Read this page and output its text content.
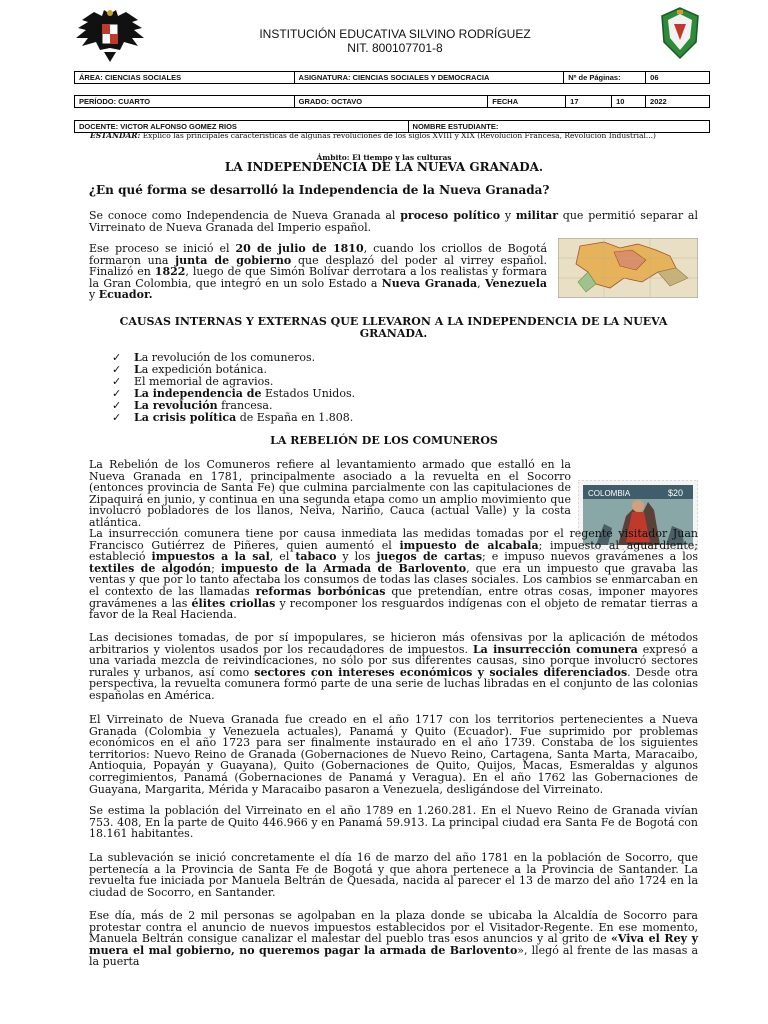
INSTITUCIÓN EDUCATIVA SILVINO RODRÍGUEZ
NIT. 800107701-8
ÁREA: CIENCIAS SOCIALES	ASIGNATURA: CIENCIAS SOCIALES Y DEMOCRACIA	Nº de Páginas:	06
PERÍODO: CUARTO	GRADO: OCTAVO	FECHA	17	10	2022
DOCENTE: VICTOR ALFONSO GOMEZ RIOS	NOMBRE ESTUDIANTE:
ESTANDAR: Explico las principales características de algunas revoluciones de los siglos XVIII y XIX (Revolución Francesa, Revolución Industrial...)
Ámbito: El tiempo y las culturas
LA INDEPENDENCIA DE LA NUEVA GRANADA.
¿En qué forma se desarrolló la Independencia de la Nueva Granada?
Se conoce como Independencia de Nueva Granada al proceso político y militar que permitió separar al Virreinato de Nueva Granada del Imperio español.
Ese proceso se inició el 20 de julio de 1810, cuando los criollos de Bogotá formaron una junta de gobierno que desplazó del poder al virrey español. Finalizó en 1822, luego de que Simón Bolívar derrotara a los realistas y formara la Gran Colombia, que integró en un solo Estado a Nueva Granada, Venezuela y Ecuador.
CAUSAS INTERNAS Y EXTERNAS QUE LLEVARON A LA INDEPENDENCIA DE LA NUEVA GRANADA.
✓ La revolución de los comuneros.
✓ La expedición botánica.
✓ El memorial de agravios.
✓ La independencia de Estados Unidos.
✓ La revolución francesa.
✓ La crisis política de España en 1.808.
LA REBELIÓN DE LOS COMUNEROS
La Rebelión de los Comuneros refiere al levantamiento armado que estalló en la Nueva Granada en 1781, principalmente asociado a la revuelta en el Socorro (entonces provincia de Santa Fe) que culmina parcialmente con las capitulaciones de Zipaquirá en junio, y continua en una segunda etapa como un amplio movimiento que involucró pobladores de los llanos, Neiva, Nariño, Cauca (actual Valle) y la costa atlántica.
COLOMBIA	$20
La insurrección comunera tiene por causa inmediata las medidas tomadas por el regente visitador Juan Francisco Gutiérrez de Piñeres, quien aumentó el impuesto de alcabala; impuesto al aguardiente; estableció impuestos a la sal, el tabaco y los juegos de cartas; e impuso nuevos gravámenes a los textiles de algodón; impuesto de la Armada de Barlovento, que era un impuesto que gravaba las ventas y que por lo tanto afectaba los consumos de todas las clases sociales. Los cambios se enmarcaban en el contexto de las llamadas reformas borbónicas que pretendían, entre otras cosas, imponer mayores gravámenes a las élites criollas y recomponer los resguardos indígenas con el objeto de rematar tierras a favor de la Real Hacienda.
Las decisiones tomadas, de por sí impopulares, se hicieron más ofensivas por la aplicación de métodos arbitrarios y violentos usados por los recaudadores de impuestos. La insurrección comunera expresó a una variada mezcla de reivindicaciones, no sólo por sus diferentes causas, sino porque involucró sectores rurales y urbanos, así como sectores con intereses económicos y sociales diferenciados. Desde otra perspectiva, la revuelta comunera formó parte de una serie de luchas libradas en el conjunto de las colonias españolas en América.
El Virreinato de Nueva Granada fue creado en el año 1717 con los territorios pertenecientes a Nueva Granada (Colombia y Venezuela actuales), Panamá y Quito (Ecuador). Fue suprimido por problemas económicos en el año 1723 para ser finalmente instaurado en el año 1739. Constaba de los siguientes territorios: Nuevo Reino de Granada (Gobernaciones de Nuevo Reino, Cartagena, Santa Marta, Maracaibo, Antioquia, Popayán y Guayana), Quito (Gobernaciones de Quito, Quijos, Macas, Esmeraldas y algunos corregimientos, Panamá (Gobernaciones de Panamá y Veragua). En el año 1762 las Gobernaciones de Guayana, Margarita, Mérida y Maracaibo pasaron a Venezuela, desligándose del Virreinato.
Se estima la población del Virreinato en el año 1789 en 1.260.281. En el Nuevo Reino de Granada vivían 753. 408, En la parte de Quito 446.966 y en Panamá 59.913. La principal ciudad era Santa Fe de Bogotá con 18.161 habitantes.
La sublevación se inició concretamente el día 16 de marzo del año 1781 en la población de Socorro, que pertenecía a la Provincia de Santa Fe de Bogotá y que ahora pertenece a la Provincia de Santander. La revuelta fue iniciada por Manuela Beltrán de Quesada, nacida al parecer el 13 de marzo del año 1724 en la ciudad de Socorro, en Santander.
Ese día, más de 2 mil personas se agolpaban en la plaza donde se ubicaba la Alcaldía de Socorro para protestar contra el anuncio de nuevos impuestos establecidos por el Visitador-Regente. En ese momento, Manuela Beltrán consigue canalizar el malestar del pueblo tras esos anuncios y al grito de «Viva el Rey y muera el mal gobierno, no queremos pagar la armada de Barlovento», llegó al frente de las masas a la puerta
